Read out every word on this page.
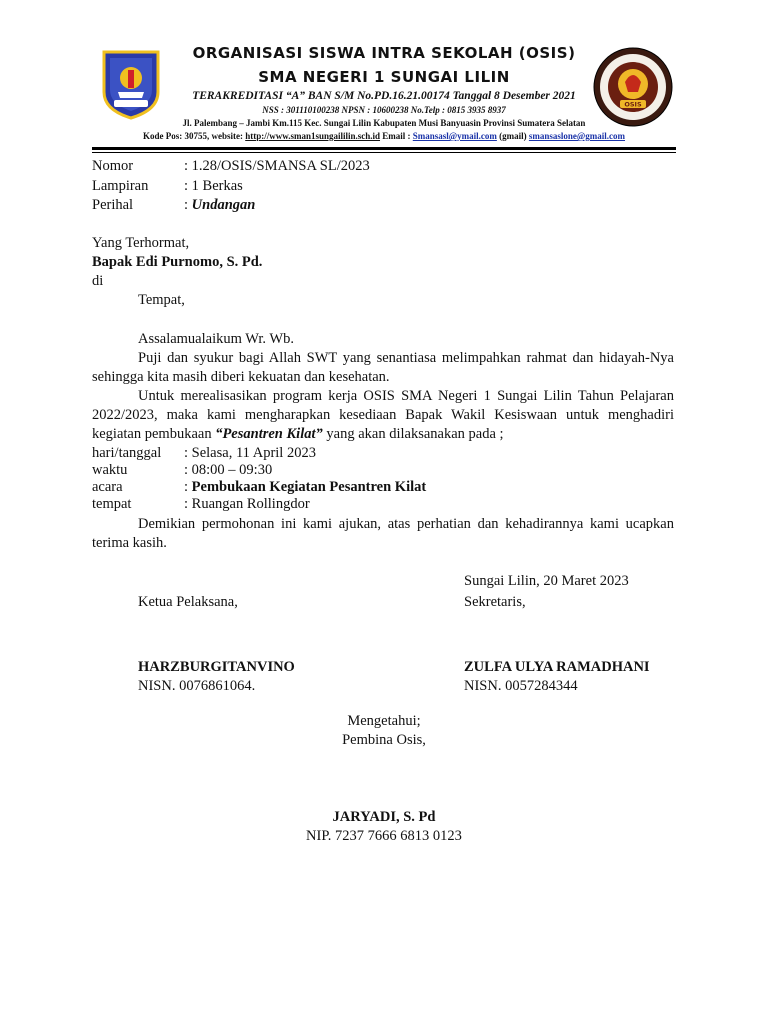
OSIS
ORGANISASI SISWA INTRA SEKOLAH (OSIS)
SMA NEGERI 1 SUNGAI LILIN
TERAKREDITASI “A” BAN S/M No.PD.16.21.00174 Tanggal 8 Desember 2021
NSS : 301110100238 NPSN : 10600238 No.Telp : 0815 3935 8937
Jl. Palembang – Jambi Km.115 Kec. Sungai Lilin Kabupaten Musi Banyuasin Provinsi Sumatera Selatan
Kode Pos: 30755, website: http://www.sman1sungaililin.sch.id Email : Smansasl@ymail.com (gmail) smansaslone@gmail.com
Nomor	: 1.28/OSIS/SMANSA SL/2023
Lampiran : 1 Berkas
Perihal	: Undangan
Yang Terhormat,
Bapak Edi Purnomo, S. Pd.
di
Tempat,
Assalamualaikum Wr. Wb.
Puji dan syukur bagi Allah SWT yang senantiasa melimpahkan rahmat dan hidayah-Nya sehingga kita masih diberi kekuatan dan kesehatan.
Untuk merealisasikan program kerja OSIS SMA Negeri 1 Sungai Lilin Tahun Pelajaran 2022/2023, maka kami mengharapkan kesediaan Bapak Wakil Kesiswaan untuk menghadiri kegiatan pembukaan “Pesantren Kilat” yang akan dilaksanakan pada ;
hari/tanggal : Selasa, 11 April 2023
waktu	: 08:00 – 09:30
acara	: Pembukaan Kegiatan Pesantren Kilat
tempat	: Ruangan Rollingdor
Demikian permohonan ini kami ajukan, atas perhatian dan kehadirannya kami ucapkan terima kasih.
Sungai Lilin, 20 Maret 2023
Ketua Pelaksana,	Sekretaris,
HARZBURGITANVINO
NISN. 0076861064.
ZULFA ULYA RAMADHANI
NISN. 0057284344
Mengetahui;
Pembina Osis,
JARYADI, S. Pd
NIP. 7237 7666 6813 0123
